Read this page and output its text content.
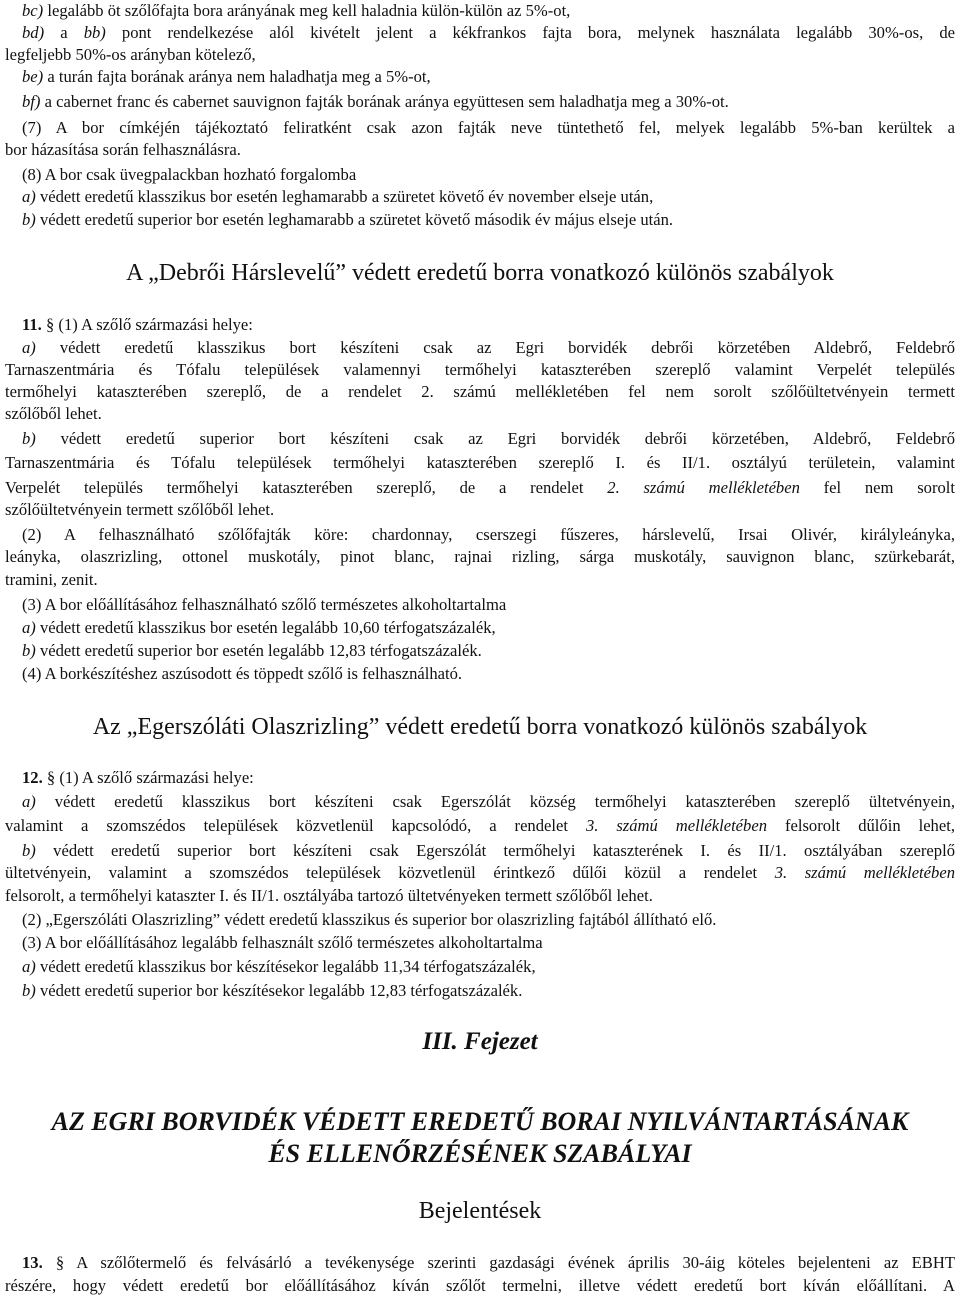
bc) legalább öt szőlőfajta bora arányának meg kell haladnia külön-külön az 5%-ot,
bd) a bb) pont rendelkezése alól kivételt jelent a kékfrankos fajta bora, melynek használata legalább 30%-os, de
legfeljebb 50%-os arányban kötelező,
be) a turán fajta borának aránya nem haladhatja meg a 5%-ot,
bf) a cabernet franc és cabernet sauvignon fajták borának aránya együttesen sem haladhatja meg a 30%-ot.
(7) A bor címkéjén tájékoztató feliratként csak azon fajták neve tüntethető fel, melyek legalább 5%-ban kerültek a
bor házasítása során felhasználásra.
(8) A bor csak üvegpalackban hozható forgalomba
a) védett eredetű klasszikus bor esetén leghamarabb a szüretet követő év november elseje után,
b) védett eredetű superior bor esetén leghamarabb a szüretet követő második év május elseje után.
A „Debrői Hárslevelű” védett eredetű borra vonatkozó különös szabályok
11. § (1) A szőlő származási helye:
a) védett eredetű klasszikus bort készíteni csak az Egri borvidék debrői körzetében Aldebrő, Feldebrő
Tarnaszentmária és Tófalu települések valamennyi termőhelyi kataszterében szereplő valamint Verpelét település
termőhelyi kataszterében szereplő, de a rendelet 2. számú mellékletében fel nem sorolt szőlőültetvényein termett
szőlőből lehet.
b) védett eredetű superior bort készíteni csak az Egri borvidék debrői körzetében, Aldebrő, Feldebrő
Tarnaszentmária és Tófalu települések termőhelyi kataszterében szereplő I. és II/1. osztályú területein, valamint
Verpelét település termőhelyi kataszterében szereplő, de a rendelet 2. számú mellékletében fel nem sorolt
szőlőültetvényein termett szőlőből lehet.
(2) A felhasználható szőlőfajták köre: chardonnay, cserszegi fűszeres, hárslevelű, Irsai Olivér, királyleányka,
leányka, olaszrizling, ottonel muskotály, pinot blanc, rajnai rizling, sárga muskotály, sauvignon blanc, szürkebarát,
tramini, zenit.
(3) A bor előállításához felhasználható szőlő természetes alkoholtartalma
a) védett eredetű klasszikus bor esetén legalább 10,60 térfogatszázalék,
b) védett eredetű superior bor esetén legalább 12,83 térfogatszázalék.
(4) A borkészítéshez aszúsodott és töppedt szőlő is felhasználható.
Az „Egerszóláti Olaszrizling” védett eredetű borra vonatkozó különös szabályok
12. § (1) A szőlő származási helye:
a) védett eredetű klasszikus bort készíteni csak Egerszólát község termőhelyi kataszterében szereplő ültetvényein,
valamint a szomszédos települések közvetlenül kapcsolódó, a rendelet 3. számú mellékletében felsorolt dűlőin lehet,
b) védett eredetű superior bort készíteni csak Egerszólát termőhelyi kataszterének I. és II/1. osztályában szereplő
ültetvényein, valamint a szomszédos települések közvetlenül érintkező dűlői közül a rendelet 3. számú mellékletében
felsorolt, a termőhelyi kataszter I. és II/1. osztályába tartozó ültetvényeken termett szőlőből lehet.
(2) „Egerszóláti Olaszrizling” védett eredetű klasszikus és superior bor olaszrizling fajtából állítható elő.
(3) A bor előállításához legalább felhasznált szőlő természetes alkoholtartalma
a) védett eredetű klasszikus bor készítésekor legalább 11,34 térfogatszázalék,
b) védett eredetű superior bor készítésekor legalább 12,83 térfogatszázalék.
III. Fejezet
AZ EGRI BORVIDÉK VÉDETT EREDETŰ BORAI NYILVÁNTARTÁSÁNAK
ÉS ELLENŐRZÉSÉNEK SZABÁLYAI
Bejelentések
13. § A szőlőtermelő és felvásárló a tevékenysége szerinti gazdasági évének április 30-áig köteles bejelenteni az EBHT
részére, hogy védett eredetű bor előállításához kíván szőlőt termelni, illetve védett eredetű bort kíván előállítani. A
